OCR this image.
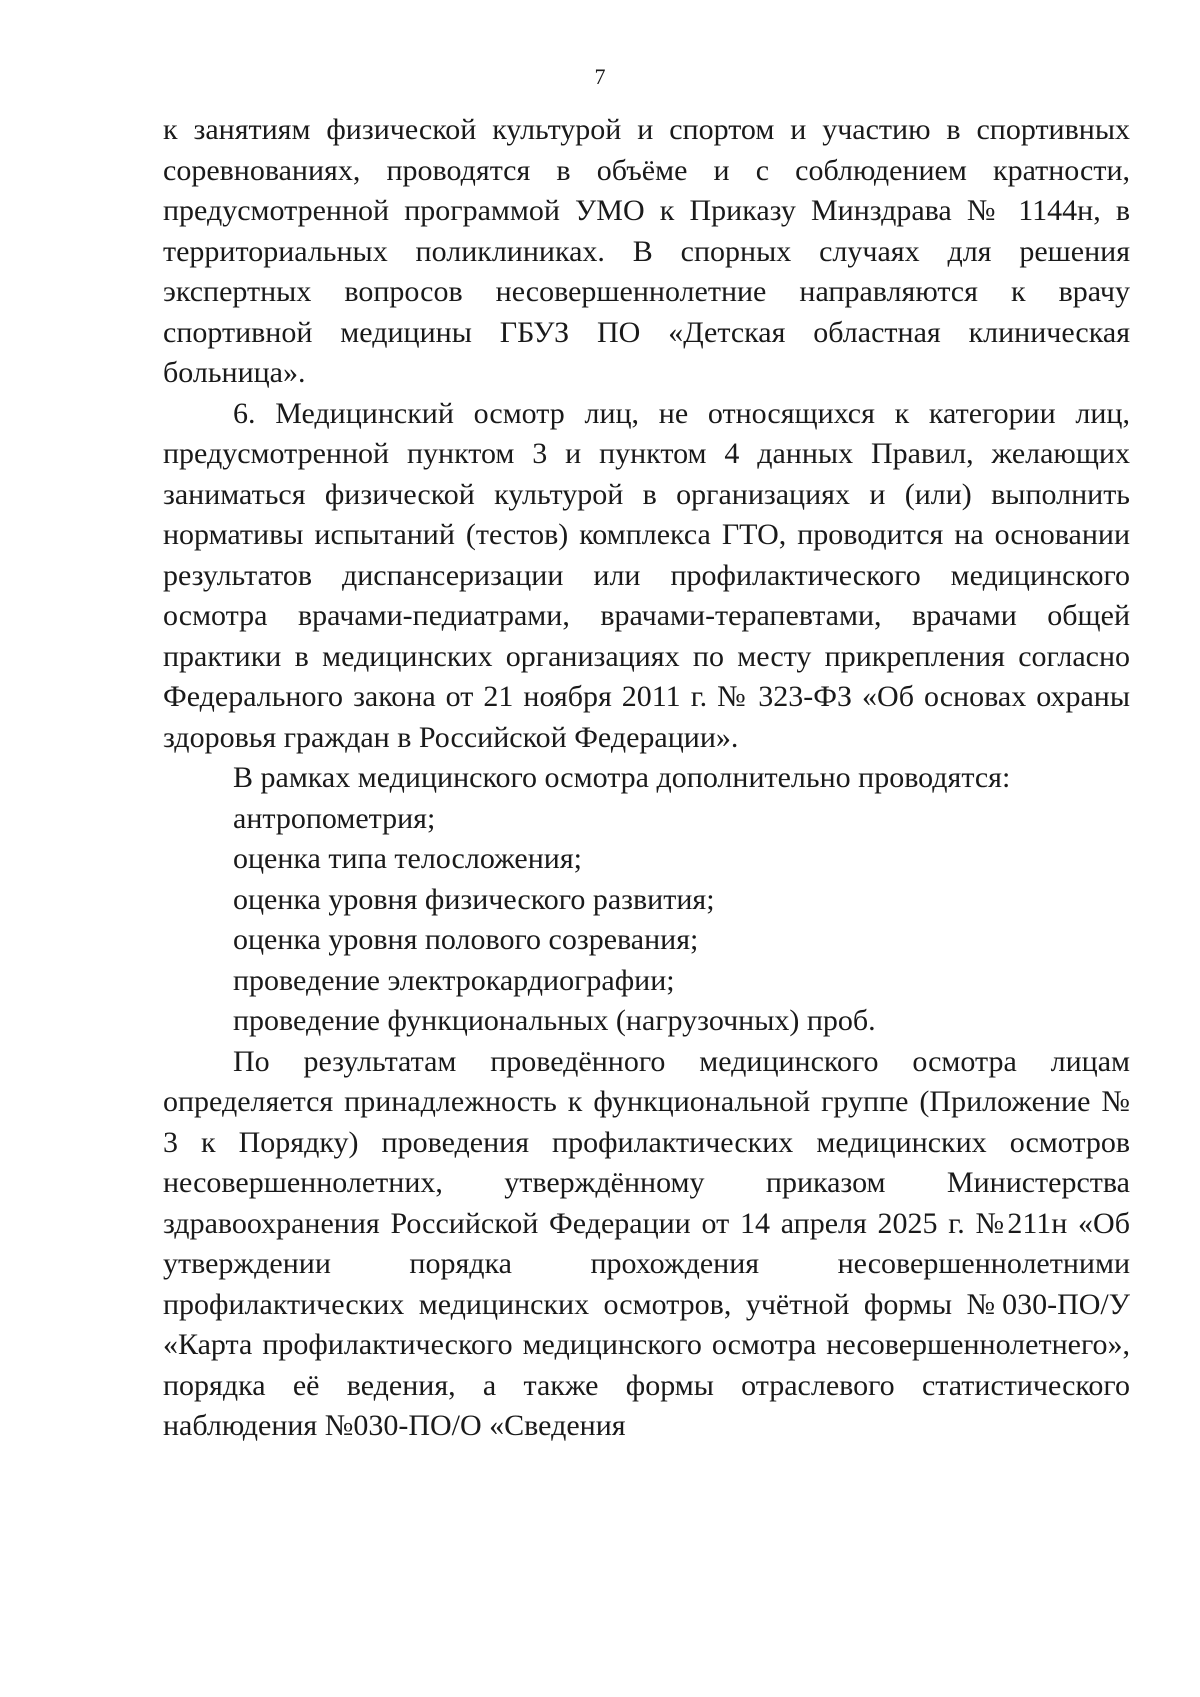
7

к занятиям физической культурой и спортом и участию в спортивных соревнованиях, проводятся в объёме и с соблюдением кратности, предусмотренной программой УМО к Приказу Минздрава № 1144н, в территориальных поликлиниках. В спорных случаях для решения экспертных вопросов несовершеннолетние направляются к врачу спортивной медицины ГБУЗ ПО «Детская областная клиническая больница».

6. Медицинский осмотр лиц, не относящихся к категории лиц, предусмотренной пунктом 3 и пунктом 4 данных Правил, желающих заниматься физической культурой в организациях и (или) выполнить нормативы испытаний (тестов) комплекса ГТО, проводится на основании результатов диспансеризации или профилактического медицинского осмотра врачами-педиатрами, врачами-терапевтами, врачами общей практики в медицинских организациях по месту прикрепления согласно Федерального закона от 21 ноября 2011 г. № 323-ФЗ «Об основах охраны здоровья граждан в Российской Федерации».

В рамках медицинского осмотра дополнительно проводятся:

антропометрия;

оценка типа телосложения;

оценка уровня физического развития;

оценка уровня полового созревания;

проведение электрокардиографии;

проведение функциональных (нагрузочных) проб.

По результатам проведённого медицинского осмотра лицам определяется принадлежность к функциональной группе (Приложение № 3 к Порядку) проведения профилактических медицинских осмотров несовершеннолетних, утверждённому приказом Министерства здравоохранения Российской Федерации от 14 апреля 2025 г. №211н «Об утверждении порядка прохождения несовершеннолетними профилактических медицинских осмотров, учётной формы №030-ПО/У «Карта профилактического медицинского осмотра несовершеннолетнего», порядка её ведения, а также формы отраслевого статистического наблюдения №030-ПО/О «Сведения
